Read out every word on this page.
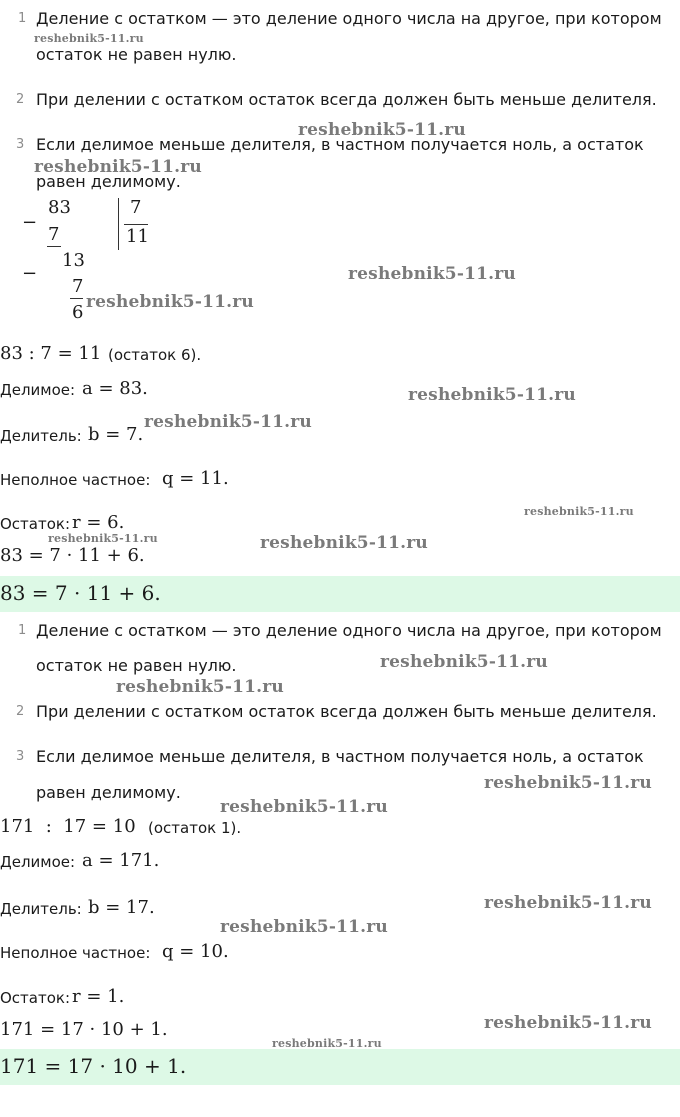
1 Деление с остатком — это деление одного числа на другое, при котором
остаток не равен нулю.
2 При делении с остатком остаток всегда должен быть меньше делителя.
3 Если делимое меньше делителя, в частном получается ноль, а остаток
равен делимому.
−
83
7
7
11
−
13
7
6
83 : 7 = 11 (остаток 6).
Делимое: a = 83.
Делитель: b = 7.
Неполное частное: q = 11.
Остаток: r = 6.
83 = 7 · 11 + 6.
83 = 7 · 11 + 6.
1 Деление с остатком — это деление одного числа на другое, при котором
остаток не равен нулю.
2 При делении с остатком остаток всегда должен быть меньше делителя.
3 Если делимое меньше делителя, в частном получается ноль, а остаток
равен делимому.
171  :  17 = 10 (остаток 1).
Делимое: a = 171.
Делитель: b = 17.
Неполное частное: q = 10.
Остаток: r = 1.
171 = 17 · 10 + 1.
171 = 17 · 10 + 1.
reshebnik5-11.ru
reshebnik5-11.ru
reshebnik5-11.ru
reshebnik5-11.ru
reshebnik5-11.ru
reshebnik5-11.ru
reshebnik5-11.ru
reshebnik5-11.ru
reshebnik5-11.ru	reshebnik5-11.ru
reshebnik5-11.ru
reshebnik5-11.ru
reshebnik5-11.ru
reshebnik5-11.ru
reshebnik5-11.ru
reshebnik5-11.ru
reshebnik5-11.ru
reshebnik5-11.ru
